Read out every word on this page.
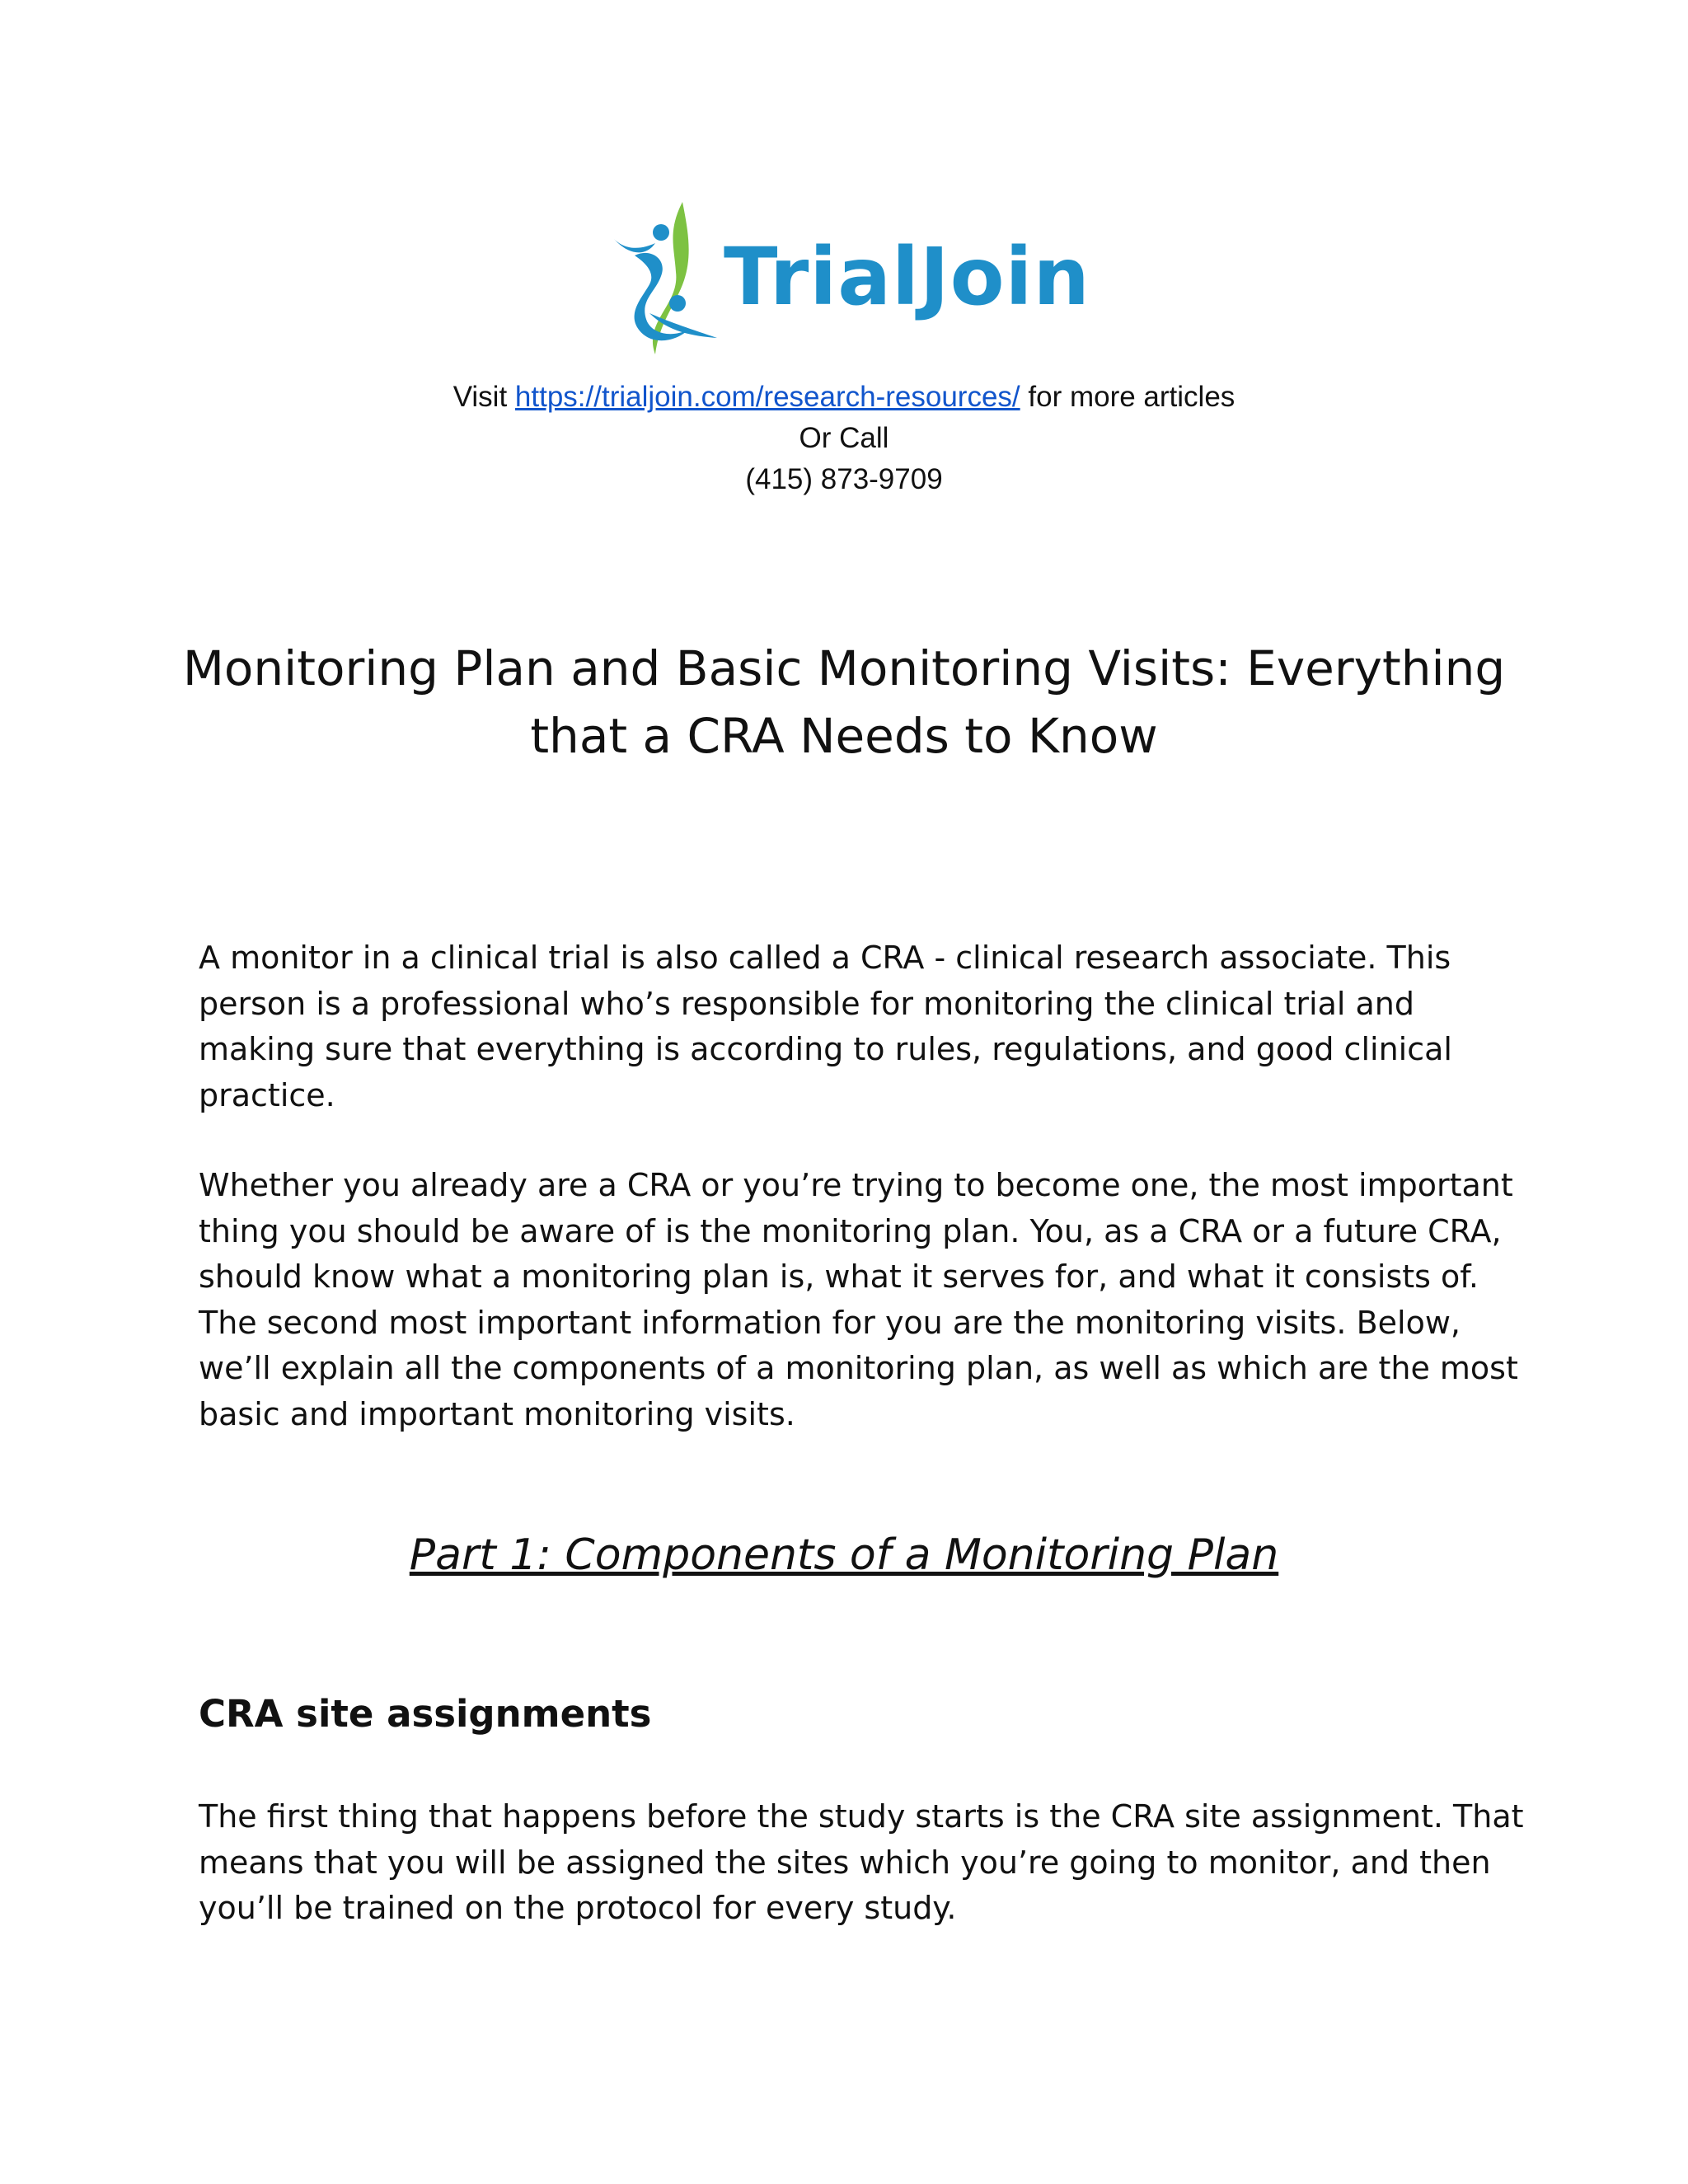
TrialJoin
Visit https://trialjoin.com/research-resources/ for more articles
Or Call
(415) 873-9709
Monitoring Plan and Basic Monitoring Visits: Everything
that a CRA Needs to Know

A monitor in a clinical trial is also called a CRA - clinical research associate. This
person is a professional who’s responsible for monitoring the clinical trial and
making sure that everything is according to rules, regulations, and good clinical
practice.

Whether you already are a CRA or you’re trying to become one, the most important
thing you should be aware of is the monitoring plan. You, as a CRA or a future CRA,
should know what a monitoring plan is, what it serves for, and what it consists of.
The second most important information for you are the monitoring visits. Below,
we’ll explain all the components of a monitoring plan, as well as which are the most
basic and important monitoring visits.

Part 1: Components of a Monitoring Plan
CRA site assignments

The first thing that happens before the study starts is the CRA site assignment. That
means that you will be assigned the sites which you’re going to monitor, and then
you’ll be trained on the protocol for every study.
